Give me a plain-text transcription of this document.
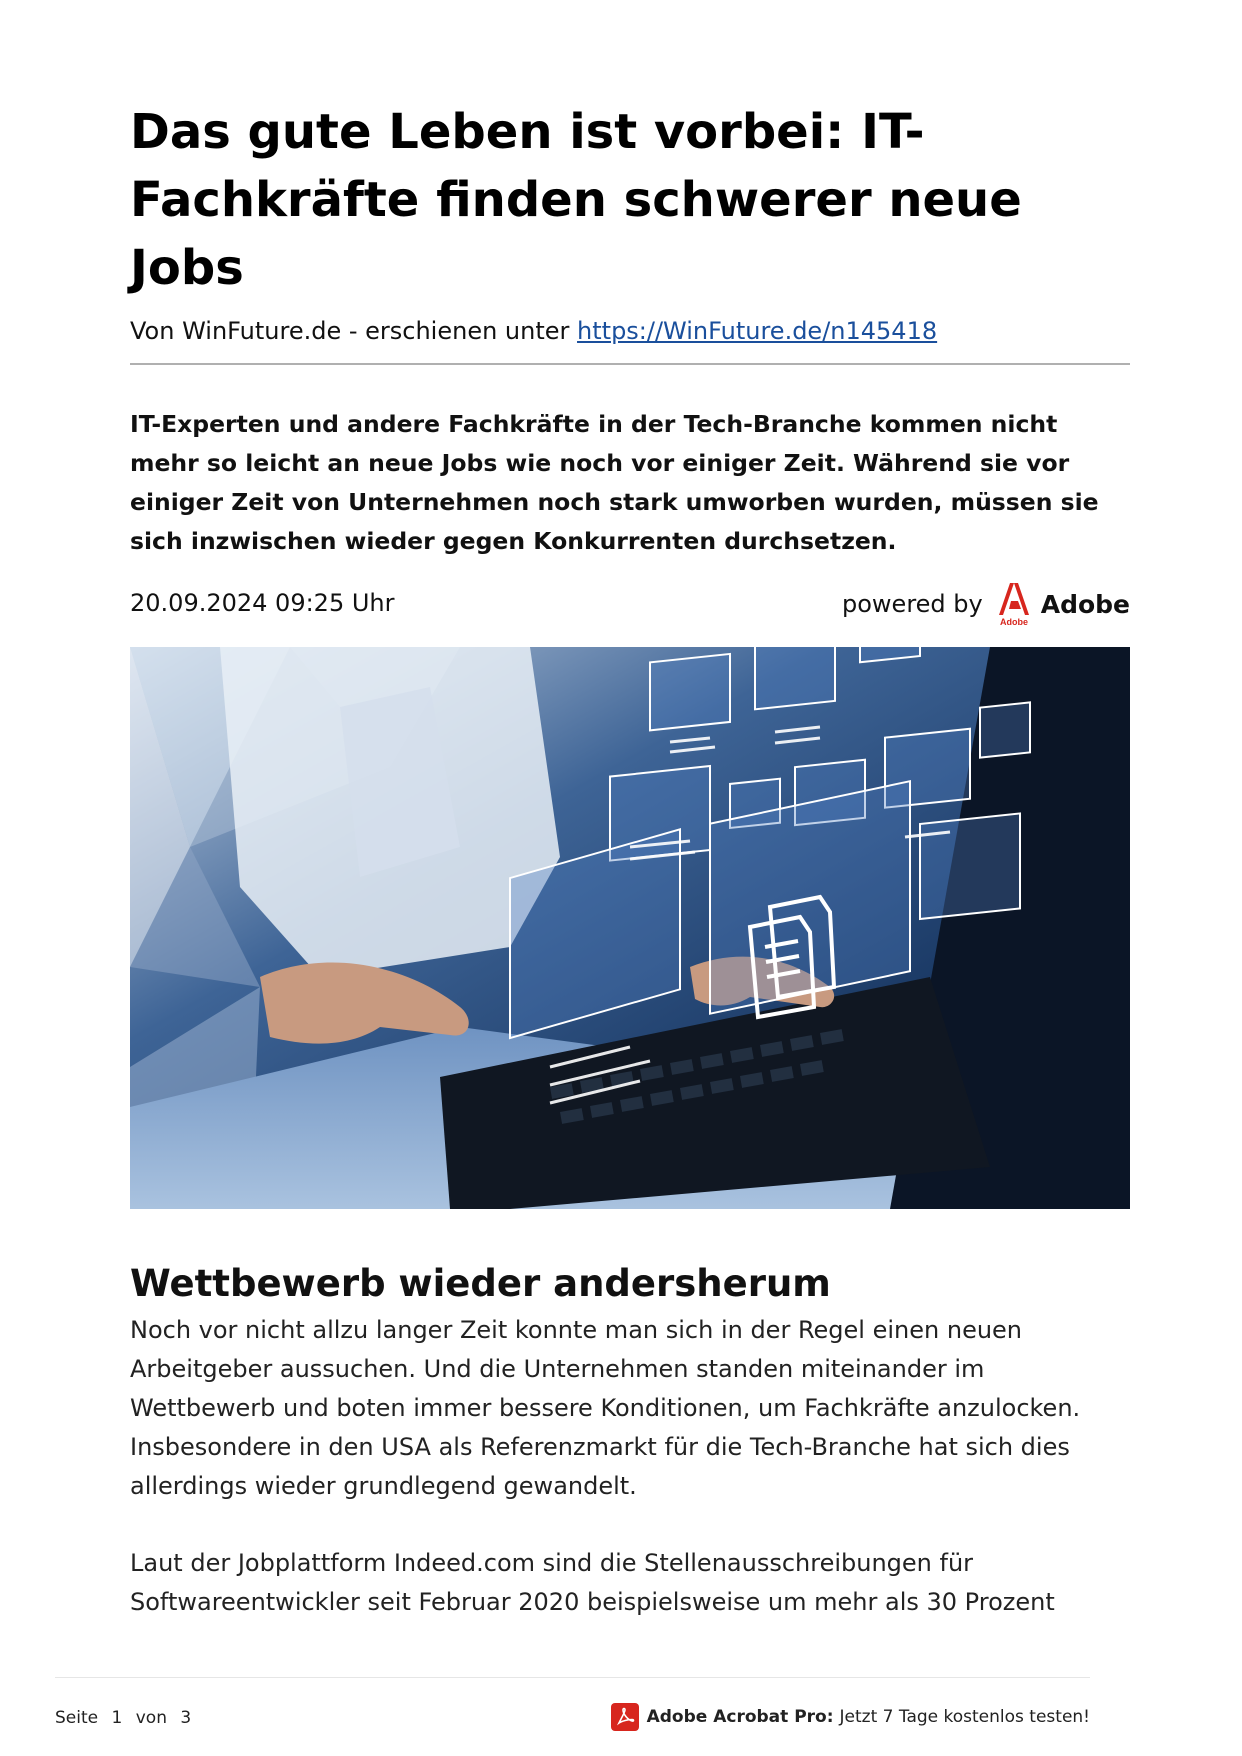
Das gute Leben ist vorbei: IT-Fachkräfte finden schwerer neue Jobs
Von WinFuture.de - erschienen unter https://WinFuture.de/n145418

IT-Experten und andere Fachkräfte in der Tech-Branche kommen nicht mehr so leicht an neue Jobs wie noch vor einiger Zeit. Während sie vor einiger Zeit von Unternehmen noch stark umworben wurden, müssen sie sich inzwischen wieder gegen Konkurrenten durchsetzen.

20.09.2024 09:25 Uhr	powered by
Adobe
Adobe
Wettbewerb wieder andersherum

Noch vor nicht allzu langer Zeit konnte man sich in der Regel einen neuen Arbeitgeber aussuchen. Und die Unternehmen standen miteinander im Wettbewerb und boten immer bessere Konditionen, um Fachkräfte anzulocken. Insbesondere in den USA als Referenzmarkt für die Tech-Branche hat sich dies allerdings wieder grundlegend gewandelt.

Laut der Jobplattform Indeed.com sind die Stellenausschreibungen für Softwareentwickler seit Februar 2020 beispielsweise um mehr als 30 Prozent

Seite 1 von 3	Adobe Acrobat Pro: Jetzt 7 Tage kostenlos testen!
